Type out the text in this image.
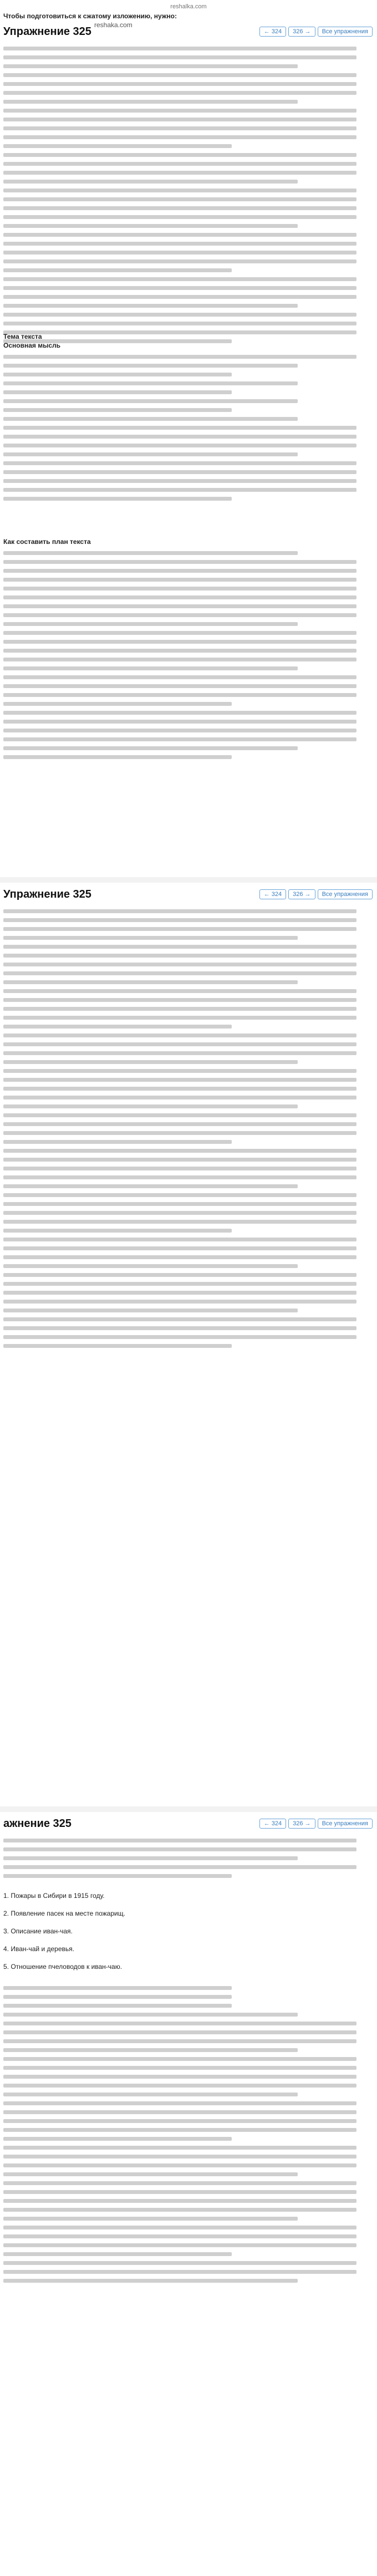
reshalka.com
Чтобы подготовиться к сжатому изложению, нужно:
Упражнение 325	← 324	326 →	Все упражнения
reshaka.com
Тема текста
Основная мысль
Как составить план текста
Упражнение 325	← 324	326 →	Все упражнения
ажнение 325	← 324	326 →	Все упражнения
1. Пожары в Сибири в 1915 году.
2. Появление пасек на месте пожарищ.
3. Описание иван-чая.
4. Иван-чай и деревья.
5. Отношение пчеловодов к иван-чаю.
